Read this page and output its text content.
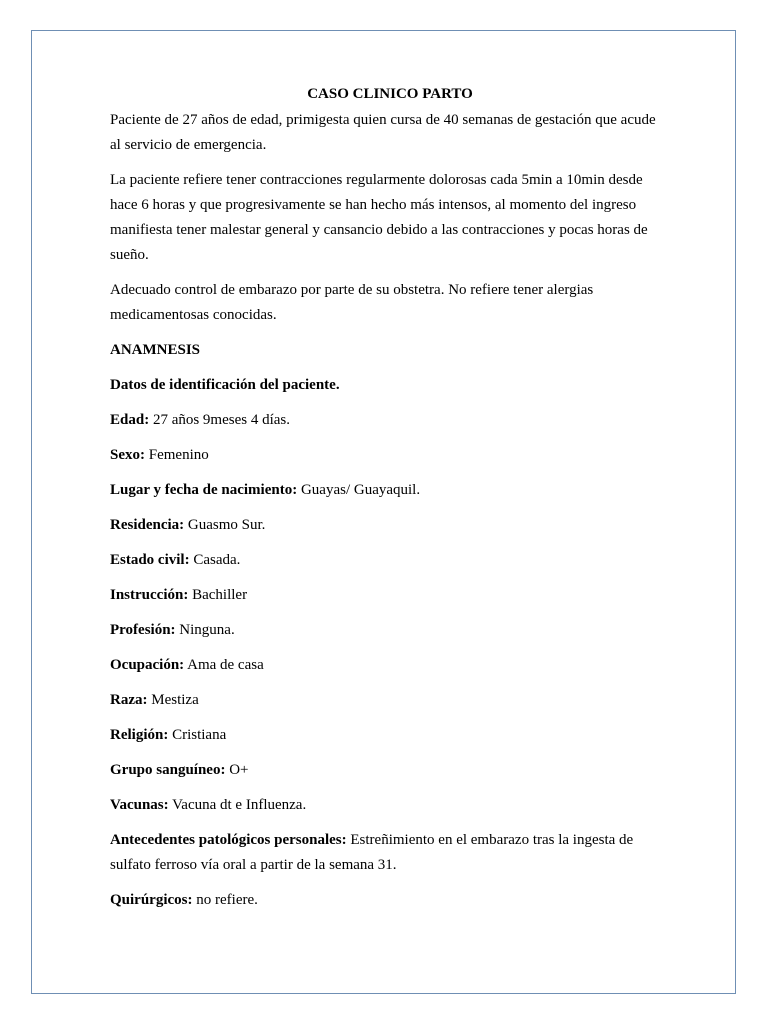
CASO CLINICO PARTO

Paciente de 27 años de edad, primigesta quien cursa de 40 semanas de gestación que acude al servicio de emergencia.

La paciente refiere tener contracciones regularmente dolorosas cada 5min a 10min desde hace 6 horas y que progresivamente se han hecho más intensos, al momento del ingreso manifiesta tener malestar general y cansancio debido a las contracciones y pocas horas de sueño.

Adecuado control de embarazo por parte de su obstetra. No refiere tener alergias medicamentosas conocidas.

ANAMNESIS
Datos de identificación del paciente.
Edad: 27 años 9meses 4 días.
Sexo: Femenino
Lugar y fecha de nacimiento: Guayas/ Guayaquil.
Residencia: Guasmo Sur.
Estado civil: Casada.
Instrucción: Bachiller
Profesión: Ninguna.
Ocupación: Ama de casa
Raza: Mestiza
Religión: Cristiana
Grupo sanguíneo: O+
Vacunas: Vacuna dt e Influenza.
Antecedentes patológicos personales: Estreñimiento en el embarazo tras la ingesta de sulfato ferroso vía oral a partir de la semana 31.
Quirúrgicos: no refiere.
